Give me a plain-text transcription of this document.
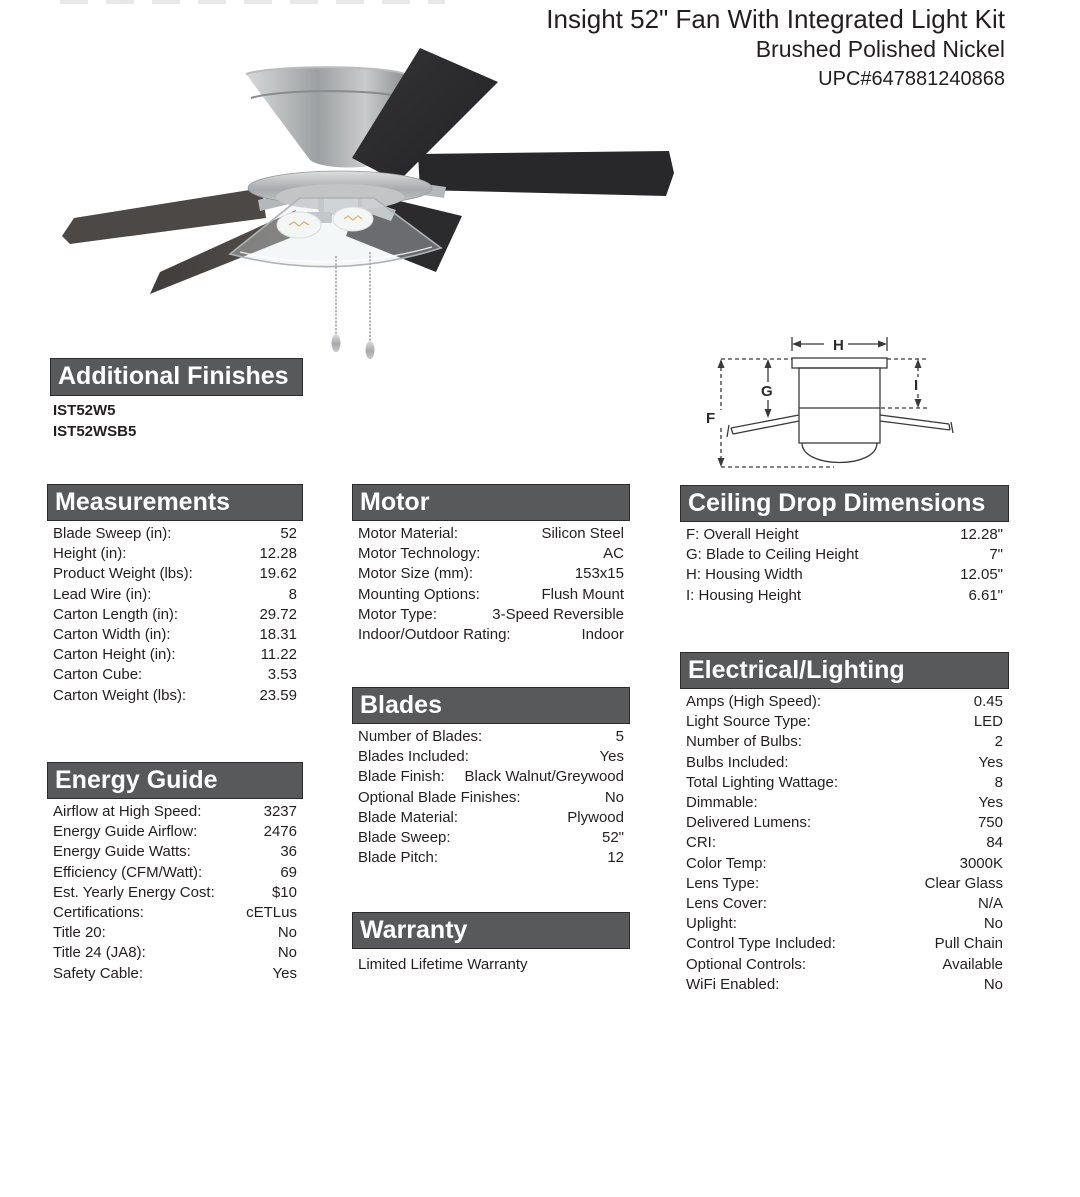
Insight 52" Fan With Integrated Light Kit
Brushed Polished Nickel
UPC#647881240868
Additional Finishes
IST52W5
IST52WSB5
H
F
G	I
Measurements
Blade Sweep (in):	52
Height (in):	12.28
Product Weight (lbs):	19.62
Lead Wire (in):	8
Carton Length (in):	29.72
Carton Width (in):	18.31
Carton Height (in):	11.22
Carton Cube:	3.53
Carton Weight (lbs):	23.59
Energy Guide
Airflow at High Speed:	3237
Energy Guide Airflow:	2476
Energy Guide Watts:	36
Efficiency (CFM/Watt):	69
Est. Yearly Energy Cost:	$10
Certifications:	cETLus
Title 20:	No
Title 24 (JA8):	No
Safety Cable:	Yes
Motor
Motor Material:	Silicon Steel
Motor Technology:	AC
Motor Size (mm):	153x15
Mounting Options:	Flush Mount
Motor Type:	3-Speed Reversible
Indoor/Outdoor Rating:	Indoor
Blades
Number of Blades:	5
Blades Included:	Yes
Blade Finish: Black Walnut/Greywood
Optional Blade Finishes:	No
Blade Material:	Plywood
Blade Sweep:	52"
Blade Pitch:	12
Warranty
Limited Lifetime Warranty
Ceiling Drop Dimensions
F: Overall Height	12.28"
G: Blade to Ceiling Height	7"
H: Housing Width	12.05"
I: Housing Height	6.61"
Electrical/Lighting
Amps (High Speed):	0.45
Light Source Type:	LED
Number of Bulbs:	2
Bulbs Included:	Yes
Total Lighting Wattage:	8
Dimmable:	Yes
Delivered Lumens:	750
CRI:	84
Color Temp:	3000K
Lens Type:	Clear Glass
Lens Cover:	N/A
Uplight:	No
Control Type Included:	Pull Chain
Optional Controls:	Available
WiFi Enabled:	No
